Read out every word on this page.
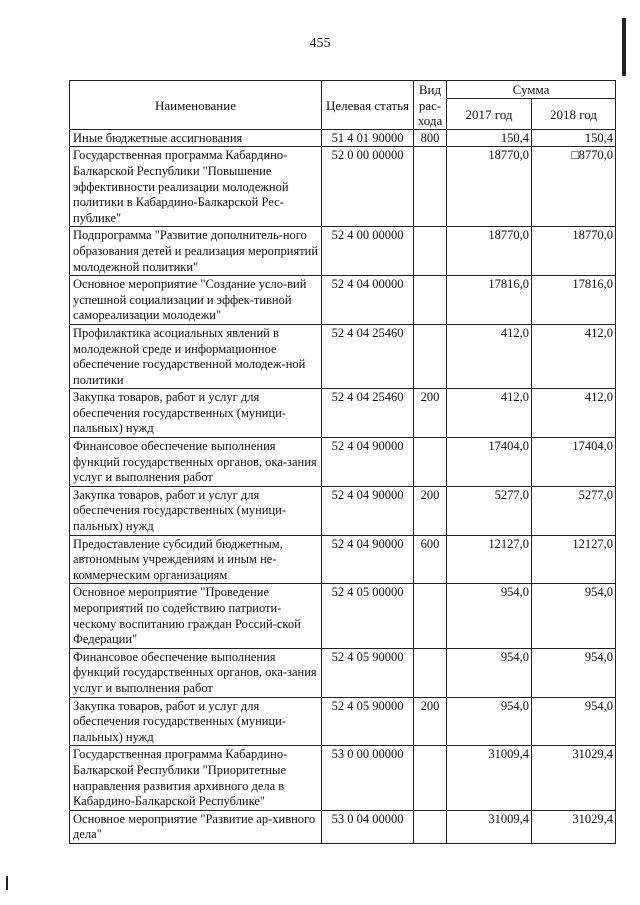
455
Наименование	Целевая статья	Вид рас-хода	Сумма	
			2017 год	2018 год
Иные бюджетные ассигнования	51 4 01 90000	800	150,4	150,4
Государственная программа Кабардино-Балкарской Республики "Повышение эффективности реализации молодежной политики в Кабардино-Балкарской Рес-публике"	52 0 00 00000		18770,0	□8770,0
Подпрограмма "Развитие дополнитель-ного образования детей и реализация мероприятий молодежной политики"	52 4 00 00000		18770,0	18770,0
Основное мероприятие "Создание усло-вий успешной социализации и эффек-тивной самореализации молодежи"	52 4 04 00000		17816,0	17816,0
Профилактика асоциальных явлений в молодежной среде и информационное обеспечение государственной молодеж-ной политики	52 4 04 25460		412,0	412,0
Закупка товаров, работ и услуг для обеспечения государственных (муници-пальных) нужд	52 4 04 25460	200	412,0	412,0
Финансовое обеспечение выполнения функций государственных органов, ока-зания услуг и выполнения работ	52 4 04 90000		17404,0	17404,0
Закупка товаров, работ и услуг для обеспечения государственных (муници-пальных) нужд	52 4 04 90000	200	5277,0	5277,0
Предоставление субсидий бюджетным, автономным учреждениям и иным не-коммерческим организациям	52 4 04 90000	600	12127,0	12127,0
Основное мероприятие "Проведение мероприятий по содействию патриоти-ческому воспитанию граждан Россий-ской Федерации"	52 4 05 00000		954,0	954,0
Финансовое обеспечение выполнения функций государственных органов, ока-зания услуг и выполнения работ	52 4 05 90000		954,0	954,0
Закупка товаров, работ и услуг для обеспечения государственных (муници-пальных) нужд	52 4 05 90000	200	954,0	954,0
Государственная программа Кабардино-Балкарской Республики "Приоритетные направления развития архивного дела в Кабардино-Балкарской Республике"	53 0 00 00000		31009,4	31029,4
Основное мероприятие "Развитие ар-хивного дела"	53 0 04 00000		31009,4	31029,4
